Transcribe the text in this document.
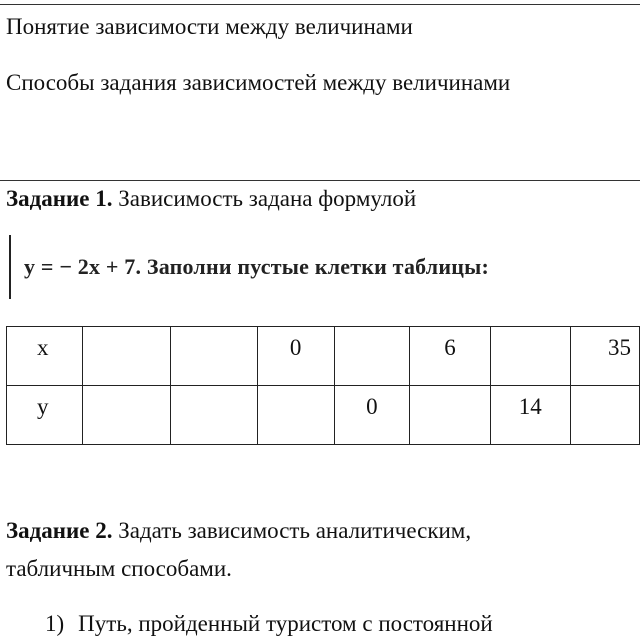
Понятие зависимости между величинами
Способы задания зависимостей между величинами
Задание 1. Зависимость задана формулой
y = − 2x + 7. Заполни пустые клетки таблицы:
x			0		6		35
y				0		14	
Задание 2. Задать зависимость аналитическим,
табличным способами.
1) Путь, пройденный туристом с постоянной
